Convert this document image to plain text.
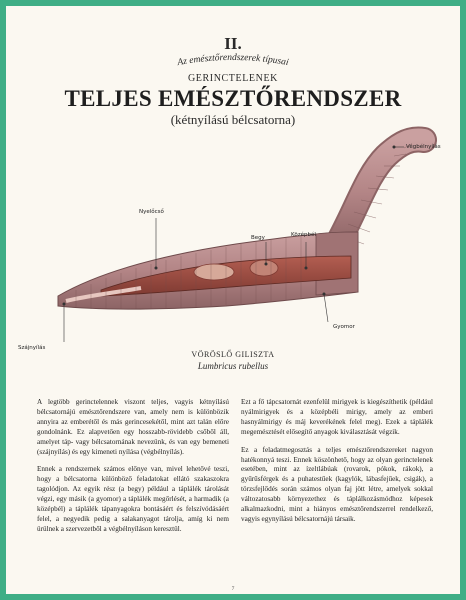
II.
Az emésztőrendszerek típusai
GERINCTELENEK
TELJES EMÉSZTŐRENDSZER
(kétnyílású bélcsatorna)
Végbélnyílás
Nyelőcső
Középbél
Begy
Gyomor
Szájnyílás
VÖRÖSLŐ GILISZTA
Lumbricus rubellus

A legtöbb gerinctelennek viszont teljes, vagyis kétnyílású bélcsatornájú emésztőrendszere van, amely nem is különbözik annyira az emberétől és más gerincesekétől, mint azt talán előre gondolnánk. Ez alapvetően egy hosszabb-rövidebb csőből áll, amelyet táp- vagy bélcsatornának nevezünk, és van egy bemeneti (szájnyílás) és egy kimeneti nyílása (végbélnyílás).

Ennek a rendszernek számos előnye van, mivel lehetővé teszi, hogy a bélcsatorna különböző feladatokat ellátó szakaszokra tagolódjon. Az egyik rész (a begy) például a táplálék tárolását végzi, egy másik (a gyomor) a táplálék megőrlését, a harmadik (a középbél) a táplálék tápanyagokra bontásáért és felszívódásáért felel, a negyedik pedig a salakanyagot tárolja, amíg ki nem ürülnek a szervezetből a végbélnyíláson keresztül.

Ezt a fő tápcsatornát ezenfelül mirigyek is kiegészíthetik (például nyálmirigyek és a középbéli mirigy, amely az emberi hasnyálmirigy és máj keverékének felel meg). Ezek a táplálék megemésztését elősegítő anyagok kiválasztását végzik.

Ez a feladatmegosztás a teljes emésztőrendszereket nagyon hatékonnyá teszi. Ennek köszönhető, hogy az olyan gerinctelenek esetében, mint az ízeltlábúak (rovarok, pókok, rákok), a gyűrűsférgek és a puhatestűek (kagylók, lábasfejűek, csigák), a törzsfejlődés során számos olyan faj jött létre, amelyek sokkal változatosabb környezethez és táplálkozásmódhoz képesek alkalmazkodni, mint a hiányos emésztőrendszerrel rendelkező, vagyis egynyílású bélcsatornájú társaik.

7
